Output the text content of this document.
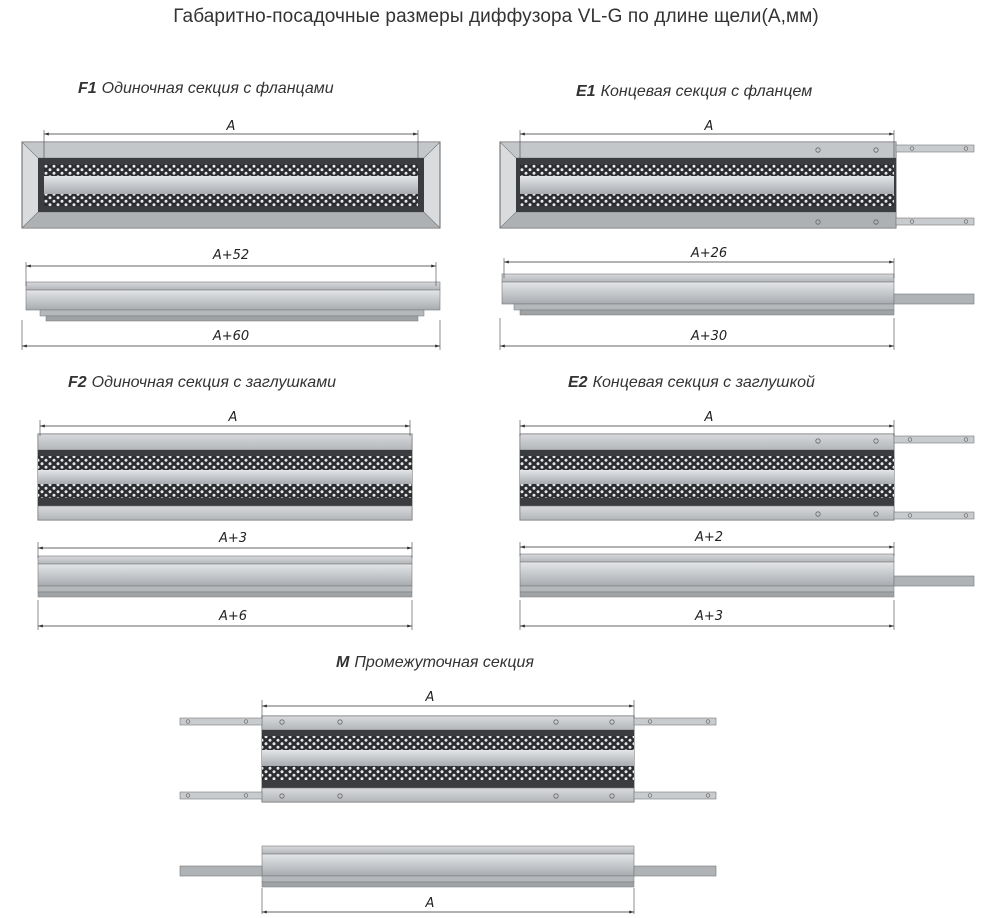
Габаритно-посадочные размеры диффузора VL-G по длине щели(А,мм)
F1 Одиночная секция с фланцами	E1 Концевая секция с фланцем
F2 Одиночная секция с заглушками	E2 Концевая секция с заглушкой
M Промежуточная секция
A
A+52
A+60
A
A+26
A+30
A
A+3
A+6
A
A+2
A+3
A
A
